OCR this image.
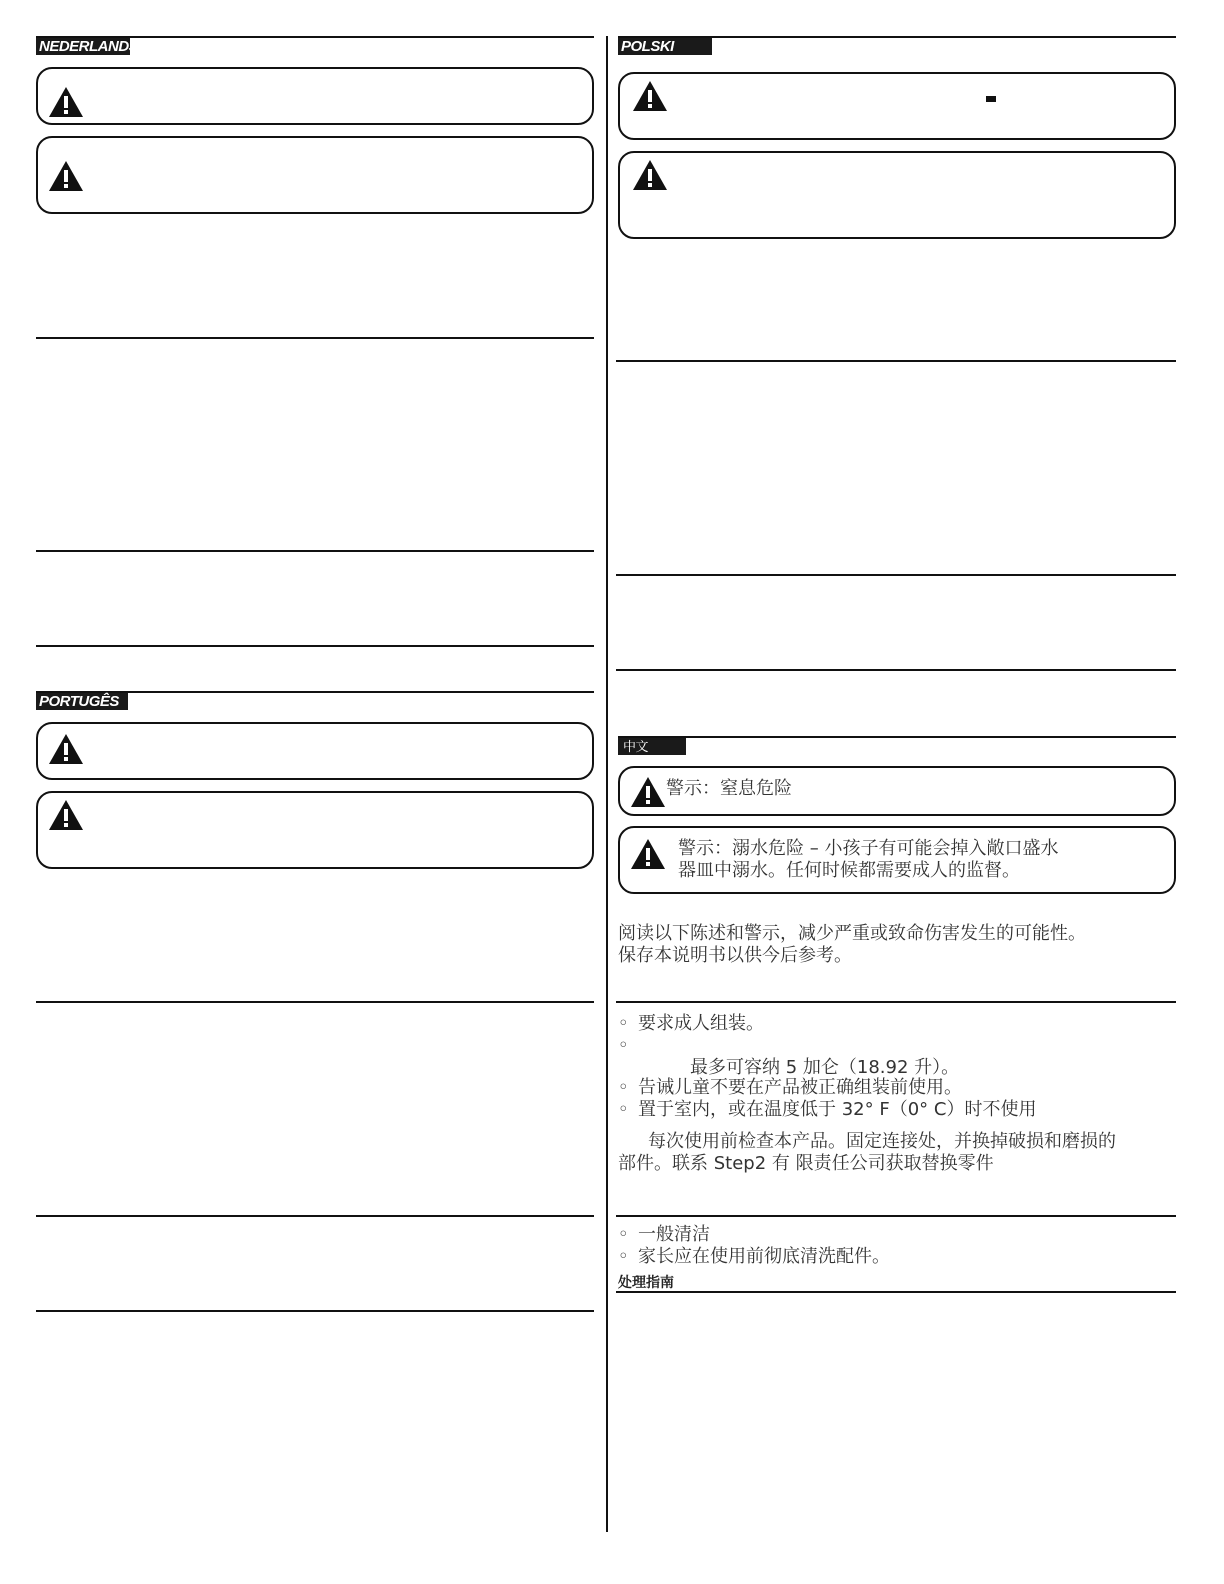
NEDERLANDS
PORTUGÊS
POLSKI
中文
警示：窒息危险
警示：溺水危险 – 小孩子有可能会掉入敞口盛水
器皿中溺水。任何时候都需要成人的监督。
阅读以下陈述和警示，减少严重或致命伤害发生的可能性。
保存本说明书以供今后参考。
◦ 要求成人组装。
◦
最多可容纳 5 加仑（18.92 升）。
◦ 告诫儿童不要在产品被正确组装前使用。
◦ 置于室内，或在温度低于 32° F（0° C）时不使用
每次使用前检查本产品。固定连接处，并换掉破损和磨损的
部件。联系 Step2 有 限责任公司获取替换零件
◦ 一般清洁
◦ 家长应在使用前彻底清洗配件。
处理指南
